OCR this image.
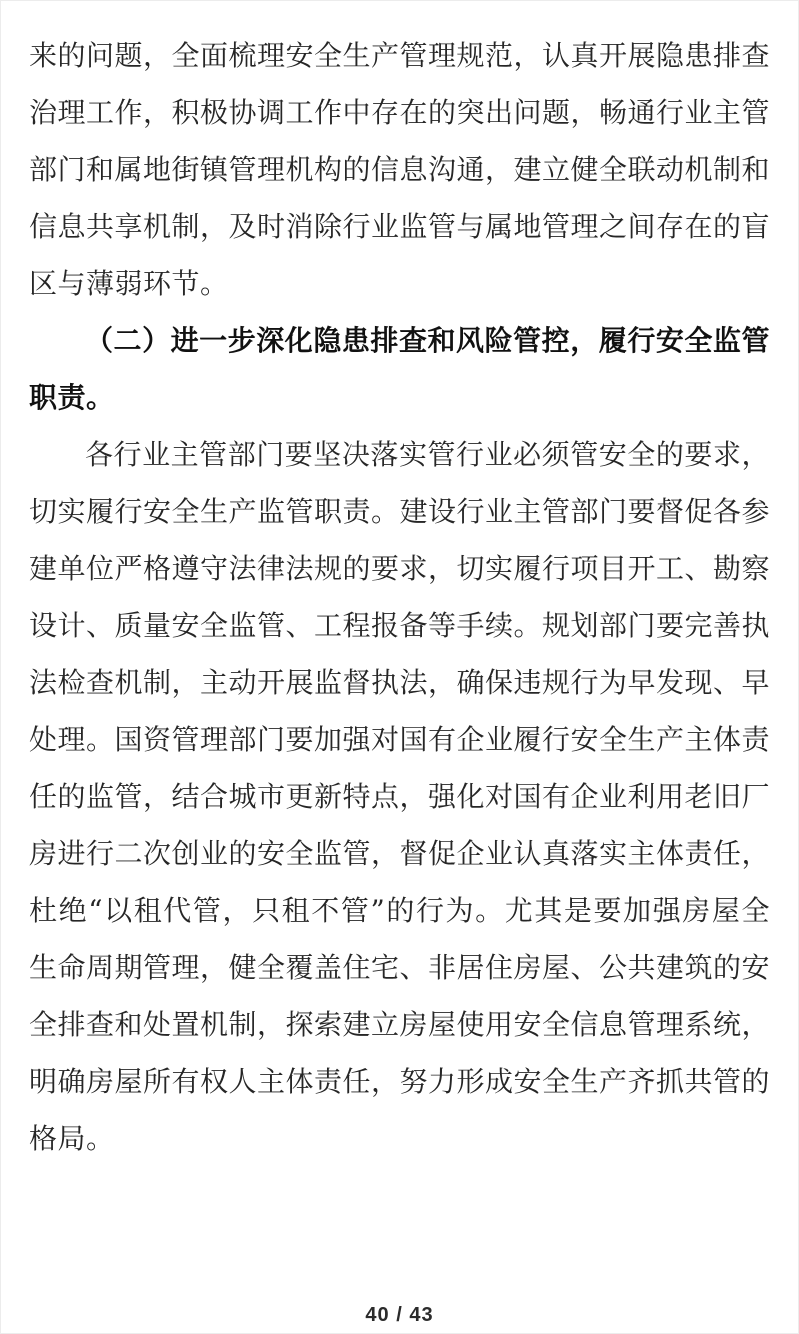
来的问题，全面梳理安全生产管理规范，认真开展隐患排查治理工作，积极协调工作中存在的突出问题，畅通行业主管部门和属地街镇管理机构的信息沟通，建立健全联动机制和信息共享机制，及时消除行业监管与属地管理之间存在的盲区与薄弱环节。

（二）进一步深化隐患排查和风险管控，履行安全监管职责。

各行业主管部门要坚决落实管行业必须管安全的要求，切实履行安全生产监管职责。建设行业主管部门要督促各参建单位严格遵守法律法规的要求，切实履行项目开工、勘察设计、质量安全监管、工程报备等手续。规划部门要完善执法检查机制，主动开展监督执法，确保违规行为早发现、早处理。国资管理部门要加强对国有企业履行安全生产主体责任的监管，结合城市更新特点，强化对国有企业利用老旧厂房进行二次创业的安全监管，督促企业认真落实主体责任，杜绝“以租代管，只租不管”的行为。尤其是要加强房屋全生命周期管理，健全覆盖住宅、非居住房屋、公共建筑的安全排查和处置机制，探索建立房屋使用安全信息管理系统，明确房屋所有权人主体责任，努力形成安全生产齐抓共管的格局。

40 / 43
